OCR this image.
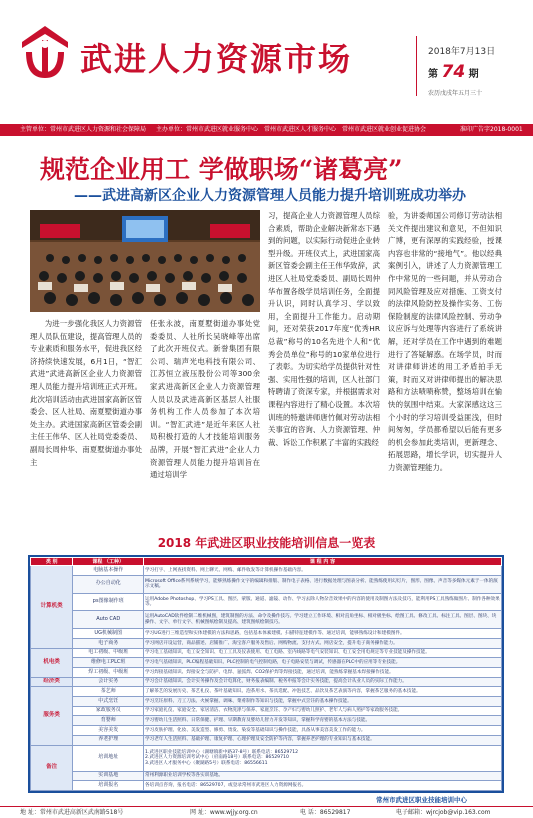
武进人力资源市场	2018年7月13日
第 74 期
农历戊戌年五月三十
主管单位：常州市武进区人力资源和社会保障局 主办单位：常州市武进区就业服务中心　常州市武进区人才服务中心　常州市武进区就业创业促进协会	准印广告字2018-0001
规范企业用工 学做职场“诸葛亮”
——武进高新区企业人力资源管理人员能力提升培训班成功举办

为进一步强化我区人力资源管理人员队伍建设，提高管理人员的专业素质和服务水平，促进我区经济持续快速发展，6月1日，“智汇武进”武进高新区企业人力资源管理人员能力提升培训班正式开班。此次培训活动由武进国家高新区管委会、区人社局、南夏墅街道办事处主办。武进国家高新区管委会副主任王伟华、区人社局党委委员、副局长周仲华、南夏墅街道办事处主

任张永波，南夏墅街道办事处党委委员、人社所长吴晓峰等出席了此次开班仪式。新誉集团有限公司、瑞声光电科技有限公司、江苏恒立液压股份公司等300余家武进高新区企业人力资源管理人员以及武进高新区基层人社服务机构工作人员参加了本次培训。“智汇武进”是近年来区人社局积极打造的人才技能培训服务品牌，开展“智汇武进”企业人力资源管理人员能力提升培训旨在通过培训学

习，提高企业人力资源管理人员综合素质，帮助企业解决新常态下遇到的问题，以实际行动促进企业转型升级。开班仪式上，武进国家高新区管委会副主任王伟华致辞，武进区人社局党委委员、副局长周仲华布置各级学员培训任务，全面提升认识，同时认真学习、学以致用，全面提升工作能力。启动期间，还对荣获2017年度“优秀HR总裁”称号的10名先进个人和“优秀会员单位”称号的10家单位进行了表彰。为切实给学员提供针对性强、实用性强的培训，区人社部门特聘请了资深专家，并根据需求对课程内容进行了精心设置。本次培训班的特邀讲师唐竹佩对劳动法相关事宜的咨询、人力资源管理、仲裁、诉讼工作积累了丰富的实践经

验，为讲委师国公司修订劳动法相关文件提出建议和意见，不但知识广博，更有深厚的实践经验，授课内容也非常的“接地气”。他以经典案例引入，讲述了人力资源管理工作中常见的一些问题，并从劳动合同风险管理及应对措施、工资支付的法律风险防控及操作实务、工伤保险制度的法律风险控制、劳动争议应诉与处理等内容进行了系统讲解，还对学员在工作中遇到的难题进行了答疑解惑。在场学员，时而对讲律师讲述的用工矛盾拍手无策，时而又对讲律师提出的解决思路和方法啧啧称赞，整场培训在愉快的氛围中结束。大家深感这这三个小时的学习培训受益匪浅，但时间匆匆，学员都希望以后能有更多的机会参加此类培训，更新理念、拓展思路，增长学识，切实提升人力资源管理能力。

2018 年武进区职业技能培训信息一览表
类 别	课程 （工种）	课 程 内 容
计算机类	电脑基本操作	学习打字、上网查找资料、网上聊天、网购、邮件收发等计算机操作基础内容。
	办公自动化	Microsoft Office系列系统学习，能够熟练操作文字的编辑和排版、制作电子表格、进行数据处理与图表分析、能熟练使用幻灯片，图形、图像、声音等多媒体元素于一体的演示文稿。
	ps图像制作班	运用Adobe Photoshop、学习PS工具、图层、蒙版、通道、滤镜、动作、学习去除人物杂音效果中的内容的使用及制图方法及技巧，能利用PS工具熟练做图片、制作各种效果等。
	Auto CAD	运用AutoCAD软件绘制二维机械图，建筑制图的方法、命令及操作技巧。学习建立工作环境、相对直角坐标、相对极坐标、绘图工具、修改工具、标注工具、图层、图块、块操作、文字、单行文字、机械图纸绘制及提高、建筑图纸绘制技巧。
	UG机械制图	学习UG进行三维造型和实体建模的方法和思路，包括基本体素建模、扫描特征建模作等、通过培训，能够熟练设计和建模图件。
	电子商务	学习网店开设运营，商品描述、店铺推广、淘宝客户服务及售后、网购物流、支付方式、网店安全，提升电子商务操作能力。
机电类	电工初级、中级班	学习电工基础知识，电工安全知识、电工工具及仪表使用、电工电路、室内线路等电气安装知识、电工安全用电规定等专业技能及操作技能。
	维修电工PLC班	学习电气基础知识，PLC编程基础知识、PLC控制的电气控制电路，电子电路安装与调试，传感器在PLC中的应用等专业技能。
	焊工初级、中级班	学习焊接基础知识、焊接安全与防护、电焊、氩弧焊、CO2保护焊等焊接技能，通过培训，能熟练掌握基本焊接操作技能。
经济类	会计实务	学习会计基础知识、会计实务操作及会计电算化，财务报表编制、税务申报等会计实务技能，提高会计从业人员的实际工作能力。
服务类	茶艺师	了解茶艺的发展历史、茶艺礼仪、茶叶基础知识、泡茶用水、茶具选配、冲泡技艺、品饮及茶艺表演等内容，掌握茶艺服务的基本技能。
	中式烹饪	学习烹饪原料、刀工刀法、火候掌握、调味、菜肴制作等知识与技能，掌握中式烹饪的基本操作技能。
	家政服务员	学习家庭礼仪、家庭安全、家居清洁、衣物洗涤与保养、家庭烹饪、孕产妇与婴幼儿照护、老年人与病人照护等家政服务技能。
	育婴师	学习婴幼儿生活照料、日常保健、护理、早期教育及婴幼儿智力开发等知识，掌握科学育婴的基本方法与技能。
	美容美发	学习皮肤护理、化妆、美发造型、修剪、烫发、染发等基础知识与操作技能，具备从事美容美发工作的能力。
	养老护理	学习老年人生活照料、基础护理、康复护理、心理护理及安全防护等内容，掌握养老护理的专业知识与基本技能。
备注	培训地址	1.武进区职业技能培训中心（湖塘镇新中路37-8号）联系电话：86529712
2.武进区人力资源培训考试中心（府南路18号）联系电话：86529710
3.武进区人才服务中心（聚湖路5号）联系电话：86556611
	实训基地	常州利源职业培训学校等各实训基地。
	培训报名	各培训点咨询，报名电话：86529707，或登录常州市武进区人力资源网报名。
常州市武进区职业技能培训中心
地 址：常州市武进高新区武南路518号	网 址：www.wjjy.org.cn	电 话：86529817	电子邮箱：wjrcjob@vip.163.com
